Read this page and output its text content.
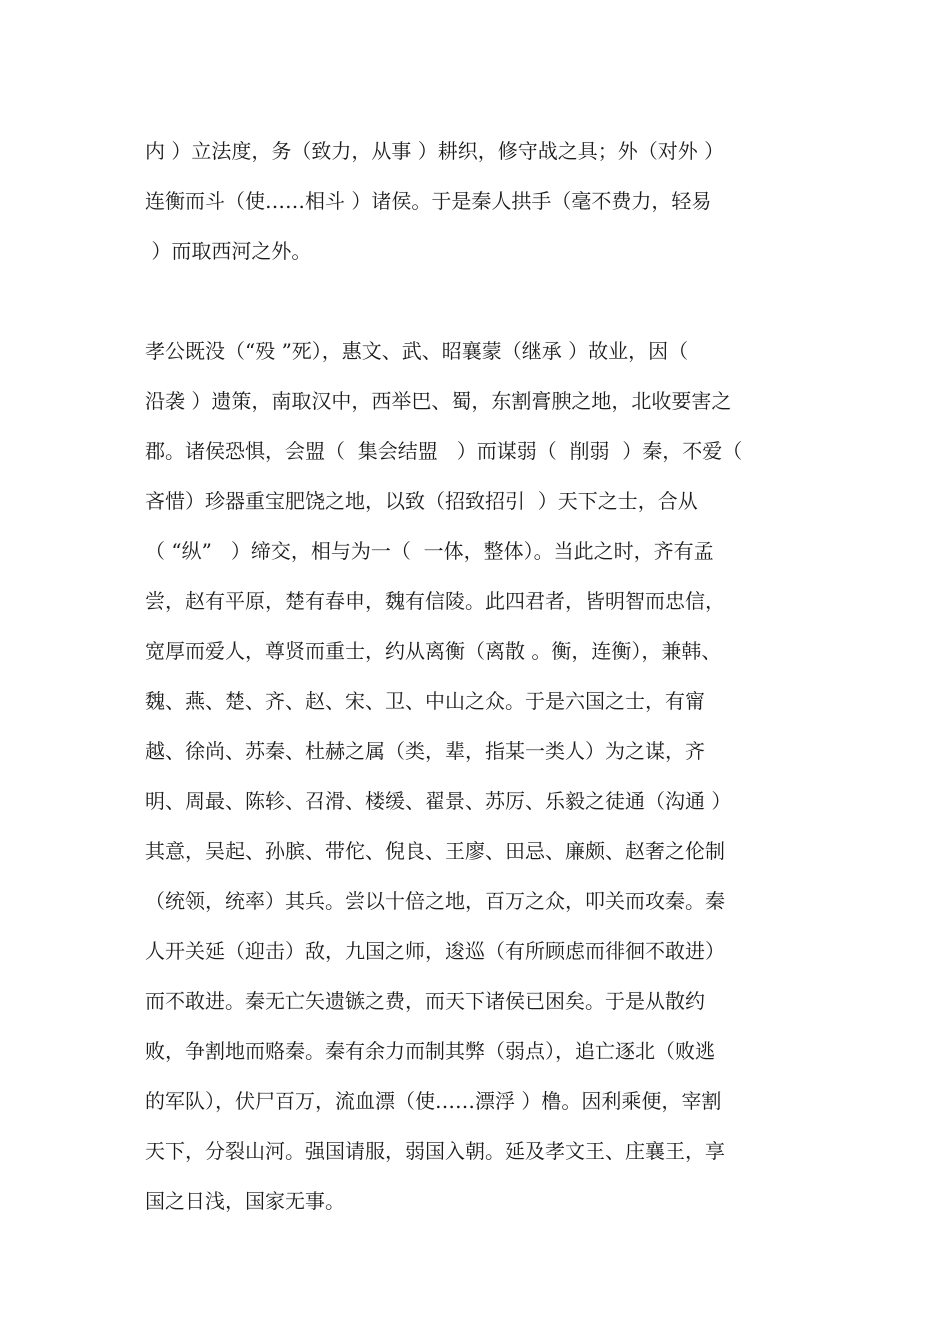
内 ）立法度，务（致力，从事 ）耕织，修守战之具；外（对外 ）
连衡而斗（使……相斗 ）诸侯。于是秦人拱手（毫不费力，轻易
）而取西河之外。
孝公既没（“殁 ”死），惠文、武、昭襄蒙（继承 ）故业，因（
沿袭 ）遗策，南取汉中，西举巴、蜀，东割膏腴之地，北收要害之
郡。诸侯恐惧，会盟（  集会结盟   ）而谋弱（  削弱  ）秦，不爱（
吝惜）珍器重宝肥饶之地，以致（招致招引  ）天下之士，合从
（ “纵”   ）缔交，相与为一（  一体，整体）。当此之时，齐有孟
尝，赵有平原，楚有春申，魏有信陵。此四君者，皆明智而忠信，
宽厚而爱人，尊贤而重士，约从离衡（离散 。衡，连衡），兼韩、
魏、燕、楚、齐、赵、宋、卫、中山之众。于是六国之士，有甯
越、徐尚、苏秦、杜赫之属（类，辈，指某一类人）为之谋，齐
明、周最、陈轸、召滑、楼缓、翟景、苏厉、乐毅之徒通（沟通 ）
其意，吴起、孙膑、带佗、倪良、王廖、田忌、廉颇、赵奢之伦制
（统领，统率）其兵。尝以十倍之地，百万之众，叩关而攻秦。秦
人开关延（迎击）敌，九国之师，逡巡（有所顾虑而徘徊不敢进）
而不敢进。秦无亡矢遗镞之费，而天下诸侯已困矣。于是从散约
败，争割地而赂秦。秦有余力而制其弊（弱点），追亡逐北（败逃
的军队），伏尸百万，流血漂（使……漂浮 ）橹。因利乘便，宰割
天下，分裂山河。强国请服，弱国入朝。延及孝文王、庄襄王，享
国之日浅，国家无事。
